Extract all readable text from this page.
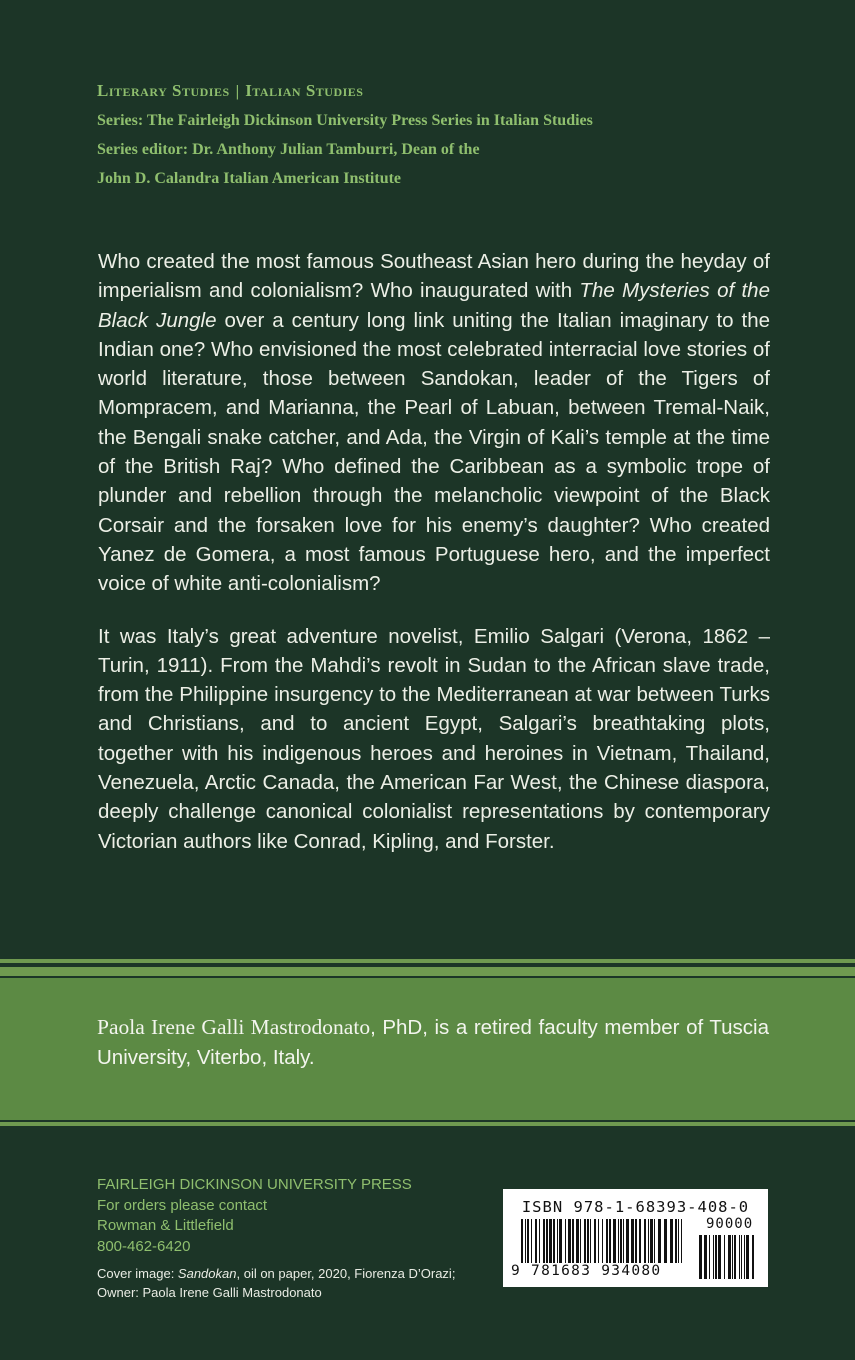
Literary Studies | Italian Studies
Series: The Fairleigh Dickinson University Press Series in Italian Studies
Series editor: Dr. Anthony Julian Tamburri, Dean of the
John D. Calandra Italian American Institute

Who created the most famous Southeast Asian hero during the heyday of imperialism and colonialism? Who inaugurated with The Mysteries of the Black Jungle over a century long link uniting the Italian imaginary to the Indian one? Who envisioned the most celebrated interracial love stories of world literature, those between Sandokan, leader of the Tigers of Mompracem, and Marianna, the Pearl of Labuan, between Tremal-Naik, the Bengali snake catcher, and Ada, the Virgin of Kali’s temple at the time of the British Raj? Who defined the Caribbean as a symbolic trope of plunder and rebellion through the melancholic viewpoint of the Black Corsair and the forsaken love for his enemy’s daughter? Who created Yanez de Gomera, a most famous Portuguese hero, and the imperfect voice of white anti-colonialism?

It was Italy’s great adventure novelist, Emilio Salgari (Verona, 1862 – Turin, 1911). From the Mahdi’s revolt in Sudan to the African slave trade, from the Philippine insurgency to the Mediterranean at war between Turks and Christians, and to ancient Egypt, Salgari’s breathtaking plots, together with his indigenous heroes and heroines in Vietnam, Thailand, Venezuela, Arctic Canada, the American Far West, the Chinese diaspora, deeply challenge canonical colonialist representations by contemporary Victorian authors like Conrad, Kipling, and Forster.

Paola Irene Galli Mastrodonato, PhD, is a retired faculty member of Tuscia University, Viterbo, Italy.
FAIRLEIGH DICKINSON UNIVERSITY PRESS
For orders please contact
Rowman & Littlefield
800-462-6420
Cover image: Sandokan, oil on paper, 2020, Fiorenza D’Orazi;
Owner: Paola Irene Galli Mastrodonato
ISBN 978-1-68393-408-0
90000
9 781683 934080
